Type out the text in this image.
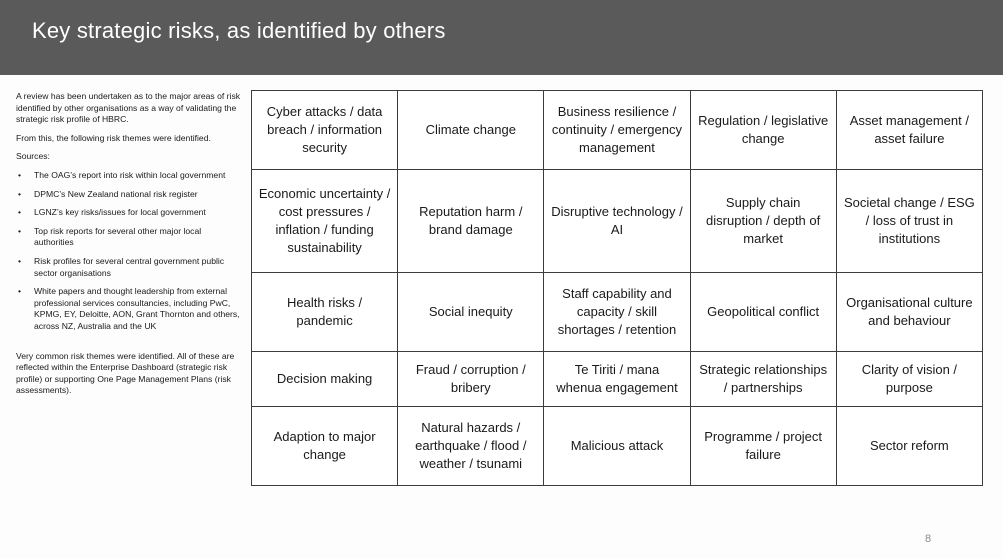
Key strategic risks, as identified by others

A review has been undertaken as to the major areas of risk identified by other organisations as a way of validating the strategic risk profile of HBRC.

From this, the following risk themes were identified.

Sources:

• The OAG’s report into risk within local government
• DPMC’s New Zealand national risk register
• LGNZ’s key risks/issues for local government
• Top risk reports for several other major local authorities
• Risk profiles for several central government public sector organisations
• White papers and thought leadership from external professional services consultancies, including PwC, KPMG, EY, Deloitte, AON, Grant Thornton and others, across NZ, Australia and the UK

Very common risk themes were identified. All of these are reflected within the Enterprise Dashboard (strategic risk profile) or supporting One Page Management Plans (risk assessments).

Cyber attacks / data breach / information security	Climate change	Business resilience / continuity / emergency management	Regulation / legislative change	Asset management / asset failure
Economic uncertainty / cost pressures / inflation / funding sustainability	Reputation harm / brand damage	Disruptive technology / AI	Supply chain disruption / depth of market	Societal change / ESG / loss of trust in institutions
Health risks / pandemic	Social inequity	Staff capability and capacity / skill shortages / retention	Geopolitical conflict	Organisational culture and behaviour
Decision making	Fraud / corruption / bribery	Te Tiriti / mana whenua engagement	Strategic relationships / partnerships	Clarity of vision / purpose
Adaption to major change	Natural hazards / earthquake / flood / weather / tsunami	Malicious attack	Programme / project failure	Sector reform
8
